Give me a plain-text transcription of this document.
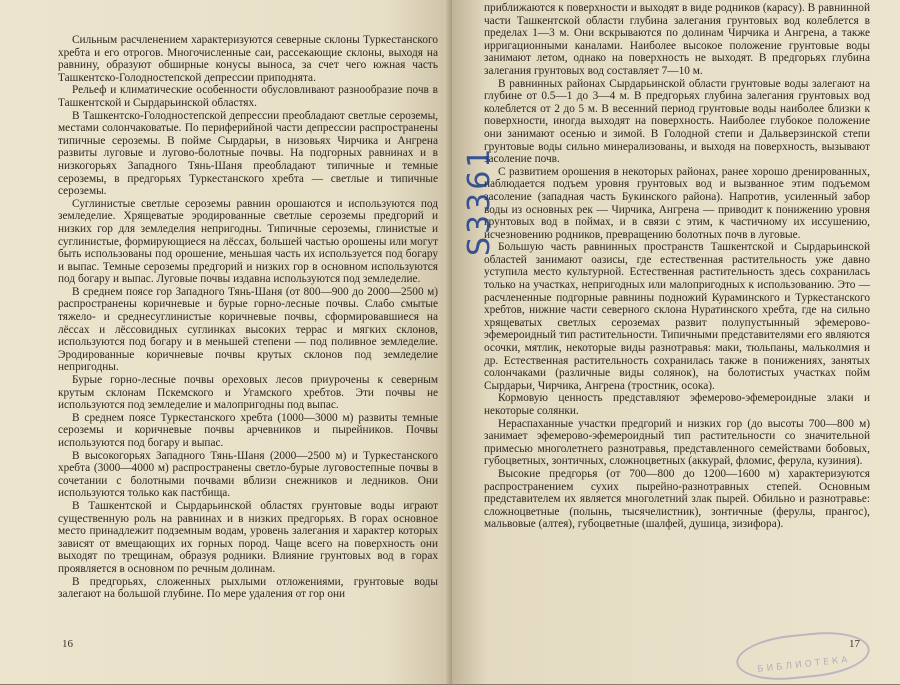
Сильным расчленением характеризуются северные склоны Туркестанского хребта и его отрогов. Многочисленные саи, рассекающие склоны, выходя на равнину, образуют обширные конусы выноса, за счет чего южная часть Ташкентско-Голодностепской депрессии приподнята.

Рельеф и климатические особенности обусловливают разнообразие почв в Ташкентской и Сырдарьинской областях.

В Ташкентско-Голодностепской депрессии преобладают светлые сероземы, местами солончаковатые. По периферийной части депрессии распространены типичные сероземы. В пойме Сырдарьи, в низовьях Чирчика и Ангрена развиты луговые и лугово-болотные почвы. На подгорных равнинах и в низкогорьях Западного Тянь-Шаня преобладают типичные и темные сероземы, в предгорьях Туркестанского хребта — светлые и типичные сероземы.

Суглинистые светлые сероземы равнин орошаются и используются под земледелие. Хрящеватые эродированные светлые сероземы предгорий и низких гор для земледелия непригодны. Типичные сероземы, глинистые и суглинистые, формирующиеся на лёссах, большей частью орошены или могут быть использованы под орошение, меньшая часть их используется под богару и выпас. Темные сероземы предгорий и низких гор в основном используются под богару и выпас. Луговые почвы издавна используются под земледелие.

В среднем поясе гор Западного Тянь-Шаня (от 800—900 до 2000—2500 м) распространены коричневые и бурые горно-лесные почвы. Слабо смытые тяжело- и среднесуглинистые коричневые почвы, сформировавшиеся на лёссах и лёссовидных суглинках высоких террас и мягких склонов, используются под богару и в меньшей степени — под поливное земледелие. Эродированные коричневые почвы крутых склонов под земледелие непригодны.

Бурые горно-лесные почвы ореховых лесов приурочены к северным крутым склонам Пскемского и Угамского хребтов. Эти почвы не используются под земледелие и малопригодны под выпас.

В среднем поясе Туркестанского хребта (1000—3000 м) развиты темные сероземы и коричневые почвы арчевников и пырейников. Почвы используются под богару и выпас.

В высокогорьях Западного Тянь-Шаня (2000—2500 м) и Туркестанского хребта (3000—4000 м) распространены светло-бурые луговостепные почвы в сочетании с болотными почвами вблизи снежников и ледников. Они используются только как пастбища.

В Ташкентской и Сырдарьинской областях грунтовые воды играют существенную роль на равнинах и в низких предгорьях. В горах основное место принадлежит подземным водам, уровень залегания и характер которых зависят от вмещающих их горных пород. Чаще всего на поверхность они выходят по трещинам, образуя родники. Влияние грунтовых вод в горах проявляется в основном по речным долинам.

В предгорьях, сложенных рыхлыми отложениями, грунтовые воды залегают на большой глубине. По мере удаления от гор они

16

приближаются к поверхности и выходят в виде родников (карасу). В равнинной части Ташкентской области глубина залегания грунтовых вод колеблется в пределах 1—3 м. Они вскрываются по долинам Чирчика и Ангрена, а также ирригационными каналами. Наиболее высокое положение грунтовые воды занимают летом, однако на поверхность не выходят. В предгорьях глубина залегания грунтовых вод составляет 7—10 м.

В равнинных районах Сырдарьинской области грунтовые воды залегают на глубине от 0.5—1 до 3—4 м. В предгорьях глубина залегания грунтовых вод колеблется от 2 до 5 м. В весенний период грунтовые воды наиболее близки к поверхности, иногда выходят на поверхность. Наиболее глубокое положение они занимают осенью и зимой. В Голодной степи и Дальверзинской степи грунтовые воды сильно минерализованы, и выходя на поверхность, вызывают засоление почв.

С развитием орошения в некоторых районах, ранее хорошо дренированных, наблюдается подъем уровня грунтовых вод и вызванное этим подъемом засоление (западная часть Букинского района). Напротив, усиленный забор воды из основных рек — Чирчика, Ангрена — приводит к понижению уровня грунтовых вод в поймах, и в связи с этим, к частичному их иссушению, исчезновению родников, превращению болотных почв в луговые.

Большую часть равнинных пространств Ташкентской и Сырдарьинской областей занимают оазисы, где естественная растительность уже давно уступила место культурной. Естественная растительность здесь сохранилась только на участках, непригодных или малопригодных к использованию. Это — расчлененные подгорные равнины подножий Кураминского и Туркестанского хребтов, нижние части северного склона Нуратинского хребта, где на сильно хрящеватых светлых сероземах развит полупустынный эфемерово-эфемероидный тип растительности. Типичными представителями его являются осочки, мятлик, некоторые виды разнотравья: маки, тюльпаны, мальколмия и др. Естественная растительность сохранилась также в понижениях, занятых солончаками (различные виды солянок), на болотистых участках пойм Сырдарьи, Чирчика, Ангрена (тростник, осока).

Кормовую ценность представляют эфемерово-эфемероидные злаки и некоторые солянки.

Нераспаханные участки предгорий и низких гор (до высоты 700—800 м) занимает эфемерово-эфемероидный тип растительности со значительной примесью многолетнего разнотравья, представленного семействами бобовых, губоцветных, зонтичных, сложноцветных (аккурай, фломис, ферула, кузиния).

Высокие предгорья (от 700—800 до 1200—1600 м) характеризуются распространением сухих пырейно-разнотравных степей. Основным представителем их является многолетний злак пырей. Обильно и разнотравье: сложноцветные (полынь, тысячелистник), зонтичные (ферулы, прангос), мальвовые (алтея), губоцветные (шалфей, душица, зизифора).

17
БИБЛИОТЕКА
S3361
